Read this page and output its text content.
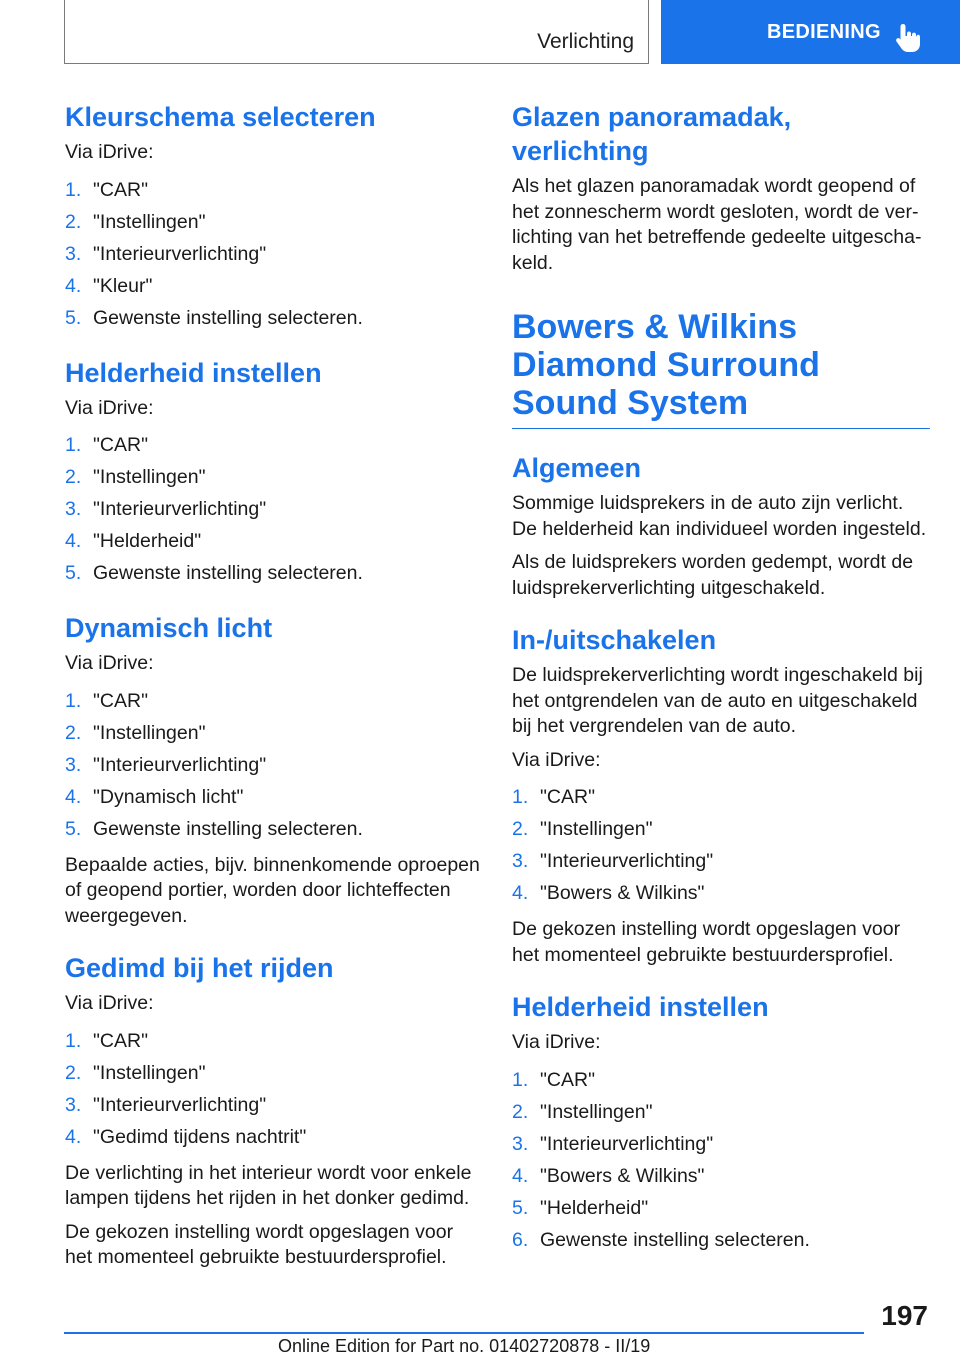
Verlichting	BEDIENING
Kleurschema selecteren

Via iDrive:

1. "CAR"
2. "Instellingen"
3. "Interieurverlichting"
4. "Kleur"
5. Gewenste instelling selecteren.
Helderheid instellen

Via iDrive:

1. "CAR"
2. "Instellingen"
3. "Interieurverlichting"
4. "Helderheid"
5. Gewenste instelling selecteren.
Dynamisch licht

Via iDrive:

1. "CAR"
2. "Instellingen"
3. "Interieurverlichting"
4. "Dynamisch licht"
5. Gewenste instelling selecteren.

Bepaalde acties, bijv. binnenkomende oproepen of geopend portier, worden door lichteffecten weergegeven.

Gedimd bij het rijden

Via iDrive:

1. "CAR"
2. "Instellingen"
3. "Interieurverlichting"
4. "Gedimd tijdens nachtrit"

De verlichting in het interieur wordt voor enkele lampen tijdens het rijden in het donker gedimd.

De gekozen instelling wordt opgeslagen voor het momenteel gebruikte bestuurdersprofiel.

Glazen panoramadak, verlichting

Als het glazen panoramadak wordt geopend of het zonnescherm wordt gesloten, wordt de ver-lichting van het betreffende gedeelte uitgescha-keld.

Bowers & Wilkins Diamond Surround Sound System
Algemeen

Sommige luidsprekers in de auto zijn verlicht. De helderheid kan individueel worden ingesteld.

Als de luidsprekers worden gedempt, wordt de luidsprekerverlichting uitgeschakeld.

In-/uitschakelen

De luidsprekerverlichting wordt ingeschakeld bij het ontgrendelen van de auto en uitgeschakeld bij het vergrendelen van de auto.

Via iDrive:

1. "CAR"
2. "Instellingen"
3. "Interieurverlichting"
4. "Bowers & Wilkins"

De gekozen instelling wordt opgeslagen voor het momenteel gebruikte bestuurdersprofiel.

Helderheid instellen

Via iDrive:

1. "CAR"
2. "Instellingen"
3. "Interieurverlichting"
4. "Bowers & Wilkins"
5. "Helderheid"
6. Gewenste instelling selecteren.
197
Online Edition for Part no. 01402720878 - II/19
